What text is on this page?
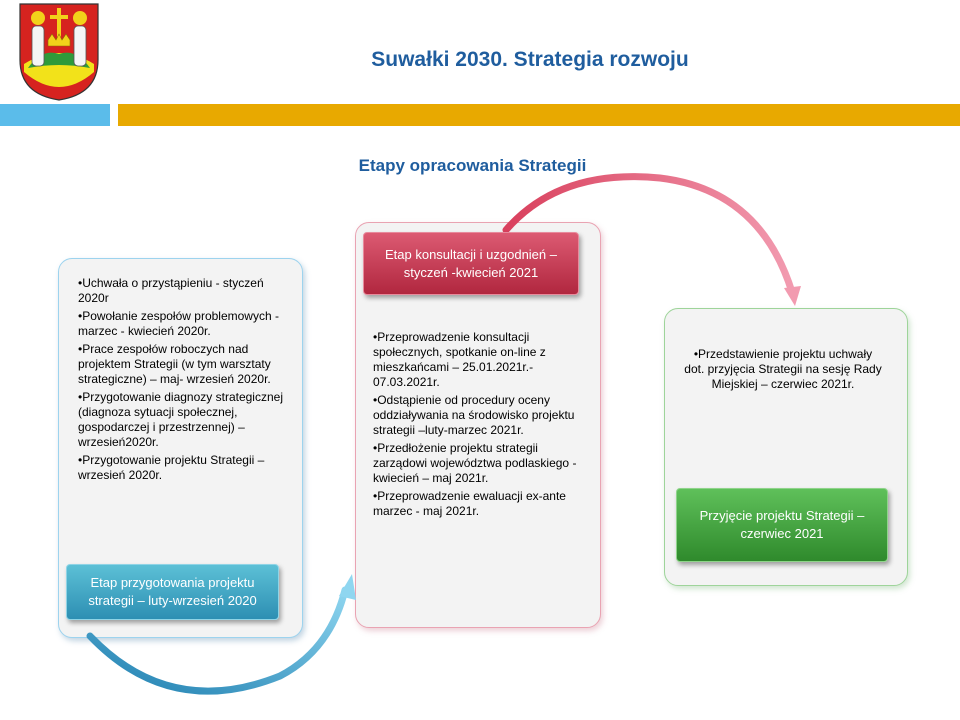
Suwałki 2030. Strategia rozwoju
Etapy opracowania Strategii
• Uchwała o przystąpieniu - styczeń 2020r
• Powołanie zespołów problemowych - marzec - kwiecień 2020r.
• Prace zespołów roboczych nad projektem Strategii (w tym warsztaty strategiczne) – maj- wrzesień 2020r.
• Przygotowanie diagnozy strategicznej (diagnoza sytuacji społecznej, gospodarczej i przestrzennej) – wrzesień2020r.
• Przygotowanie projektu Strategii – wrzesień 2020r.
• Przeprowadzenie konsultacji społecznych, spotkanie on-line z mieszkańcami – 25.01.2021r.- 07.03.2021r.
• Odstąpienie od procedury oceny oddziaływania na środowisko projektu strategii –luty-marzec 2021r.
• Przedłożenie projektu strategii zarządowi województwa podlaskiego - kwiecień – maj 2021r.
• Przeprowadzenie ewaluacji ex-ante marzec - maj 2021r.
• Przedstawienie projektu uchwały dot. przyjęcia Strategii na sesję Rady Miejskiej – czerwiec 2021r.
Etap przygotowania projektu strategii – luty-wrzesień 2020
Etap konsultacji i uzgodnień – styczeń -kwiecień 2021
Przyjęcie projektu Strategii – czerwiec 2021
